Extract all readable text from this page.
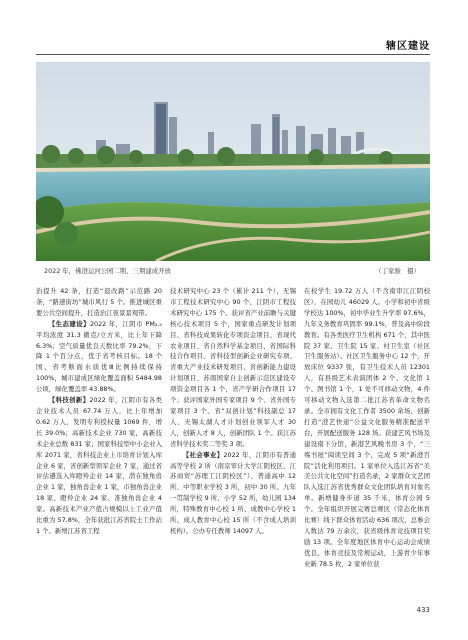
辖区建设
2022 年，佛澄运河公园二期、三期建成开放	（丁家骏　摄）

治提升 42 条，打造“退改路”示范路 20 条，“路速街坊”城市风行 5 个。推进城区重要公共空间提升，打造治江夜景景观带。

【生态建设】2022 年，江阴市 PM₂.₅ 平均浓度 31.3 微克/立方米，比上年下降 6.3%；空气质量优良天数比率 79.2%，下降 1 个百分点，优于省考核目标。18 个国、省考断面水质优Ⅲ比例持续保持 100%，城市建成区绿化覆盖面积 5484.98 公顷，绿化覆盖率 43.88%。

【科技创新】2022 年，江阴市有各类企业技术人员 67.74 万人，比上年增加 0.62 万人，发明专利授权量 1069 件，增长 39.0%；高新技术企业 730 家，高新技术企业总数 831 家；国家科技型中小企业入库 2071 家，省科技企业上市培育计划入库企业 6 家，省创新型领军企业 7 家，通过省评估遴选入库瞪羚企业 14 家，潜在独角兽企业 1 家，独角兽企业 1 家，市独角兽企业 18 家、瞪羚企业 24 家、准独角兽企业 4 家。高新技术产业产值占规模以上工业产值比重为 57.8%，全年获批江苏省院士工作站 1 个。新增江苏省工程

技术研究中心 23 个（累计 211 个）、无锡市工程技术研究中心 90 个、江阴市工程技术研究中心 175 个。获评省产业前瞻与关键核心技术项目 5 个，国家重点研发计划项目、省科技成果转化专项资金项目、省现代农业项目、省自然科学基金项目、省国际科技合作项目、省科技型创新企业研究专项、省重大产业技术研发项目、省创新能力建设计划项目、苏南国家自主创新示范区建设专项资金项目各 1 个，省产学研合作项目 17 个；获评国家外国专家项目 9 个、省外国专家项目 3 个、省“双创计划”科技副总 17 人、无锡太湖人才计划创业领军人才 30 人，创新人才 8 人，创新团队 1 个。获江苏省科学技术奖二等奖 3 项。

【社会事业】2022 年，江阴市有普通高等学校 2 所（南京审计大学江阴校区、江苏商贸“苏理工江阴校区”）、普通高中 12 所、中等职业学校 3 所，初中 30 所、九年一贯制学校 9 所、小学 52 所，幼儿园 134 所，特殊教育中心校 1 所、成教中心学校 1 所、成人教育中心校 15 所（不含成人培训机构）。公办专任教师 14097 人。

在校学生 19.72 万人（不含南审江江阴校区），在园幼儿 46029 人。小学和初中省级学校达 100%，初中毕业生升学率 97.6%，九年义务教育巩固率 99.1%，普及高中阶段教育。有各类医疗卫生机构 671 个，其中医院 37 家、卫生院 15 家、村卫生室（社区卫生服务站）、社区卫生服务中心 12 个，开放床位 9337 张，有卫生技术人员 12301 人，有县级艺术表演团体 2 个、文化馆 1 个、图书馆 1 个，1 处不可移动文物，4 件可移动文物入选第二批江苏省革命文物名录。全市拥有文化工作者 3500 余场，创新打造“澄艺快递”公益文化服务精准配送平台，开展配送服务 128 场。获建艺风书场及建设南下分馆，新港艺风晚书房 3 个，“三殇书屋”阅读空间 3 个，完成 5 项“新澄百院”活化利用项目。1 家单位入选江苏省“美美公共文化空间”打造名录，2 家群众文艺团队入选江苏省优秀群众文化团队培育对象名单。新增健身步道 35 千米，体育公园 5 个。全年组织开展完赛总赛区（常态化体育比赛）线下群众体育活动 636 项次，总参会人数达 79 万余次，获省级体育竞技项目奖励 13 项。全年度地区体育中心运动会成绩优良。体育竞技及常规运动，上游青少年事业新 78.5 枚，2 家单位获

433
